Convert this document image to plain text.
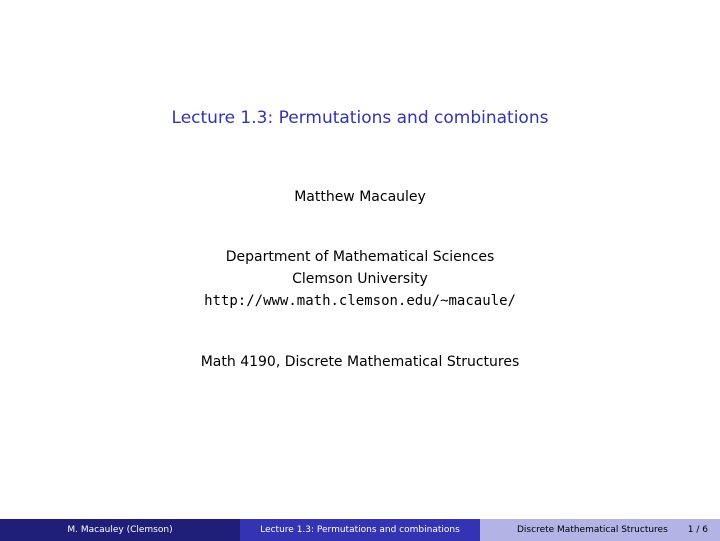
Lecture 1.3: Permutations and combinations
Matthew Macauley
Department of Mathematical Sciences
Clemson University
http://www.math.clemson.edu/~macaule/
Math 4190, Discrete Mathematical Structures
M. Macauley (Clemson)	Lecture 1.3: Permutations and combinations	Discrete Mathematical Structures 1 / 6
